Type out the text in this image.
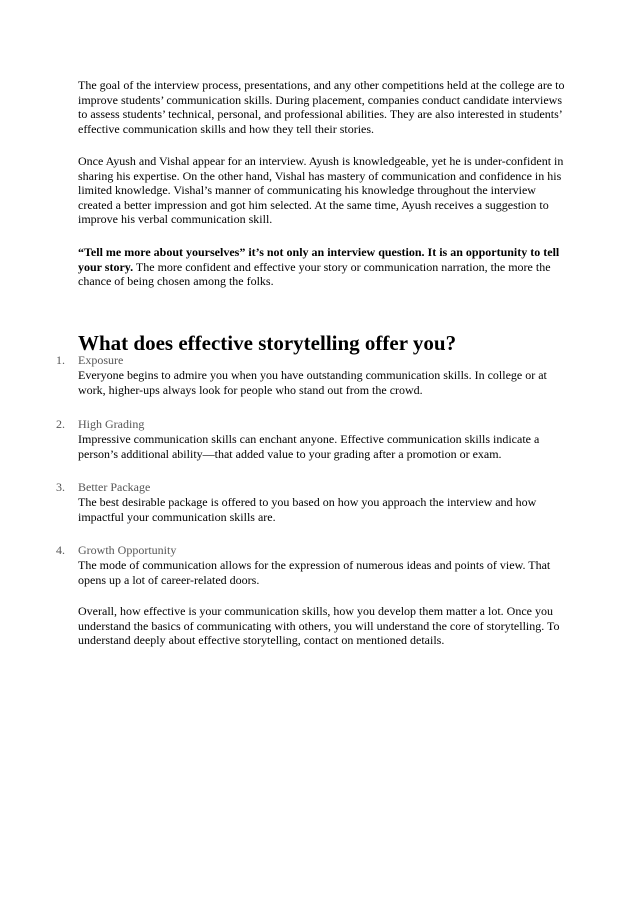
The goal of the interview process, presentations, and any other competitions held at the college are to improve students’ communication skills. During placement, companies conduct candidate interviews to assess students’ technical, personal, and professional abilities. They are also interested in students’ effective communication skills and how they tell their stories.

Once Ayush and Vishal appear for an interview. Ayush is knowledgeable, yet he is under-confident in sharing his expertise. On the other hand, Vishal has mastery of communication and confidence in his limited knowledge. Vishal’s manner of communicating his knowledge throughout the interview created a better impression and got him selected. At the same time, Ayush receives a suggestion to improve his verbal communication skill.

“Tell me more about yourselves” it’s not only an interview question. It is an opportunity to tell your story. The more confident and effective your story or communication narration, the more the chance of being chosen among the folks.

What does effective storytelling offer you?
1. Exposure

Everyone begins to admire you when you have outstanding communication skills. In college or at work, higher-ups always look for people who stand out from the crowd.

2. High Grading

Impressive communication skills can enchant anyone. Effective communication skills indicate a person’s additional ability—that added value to your grading after a promotion or exam.

3. Better Package

The best desirable package is offered to you based on how you approach the interview and how impactful your communication skills are.

4. Growth Opportunity

The mode of communication allows for the expression of numerous ideas and points of view. That opens up a lot of career-related doors.

Overall, how effective is your communication skills, how you develop them matter a lot. Once you understand the basics of communicating with others, you will understand the core of storytelling. To understand deeply about effective storytelling, contact on mentioned details.
